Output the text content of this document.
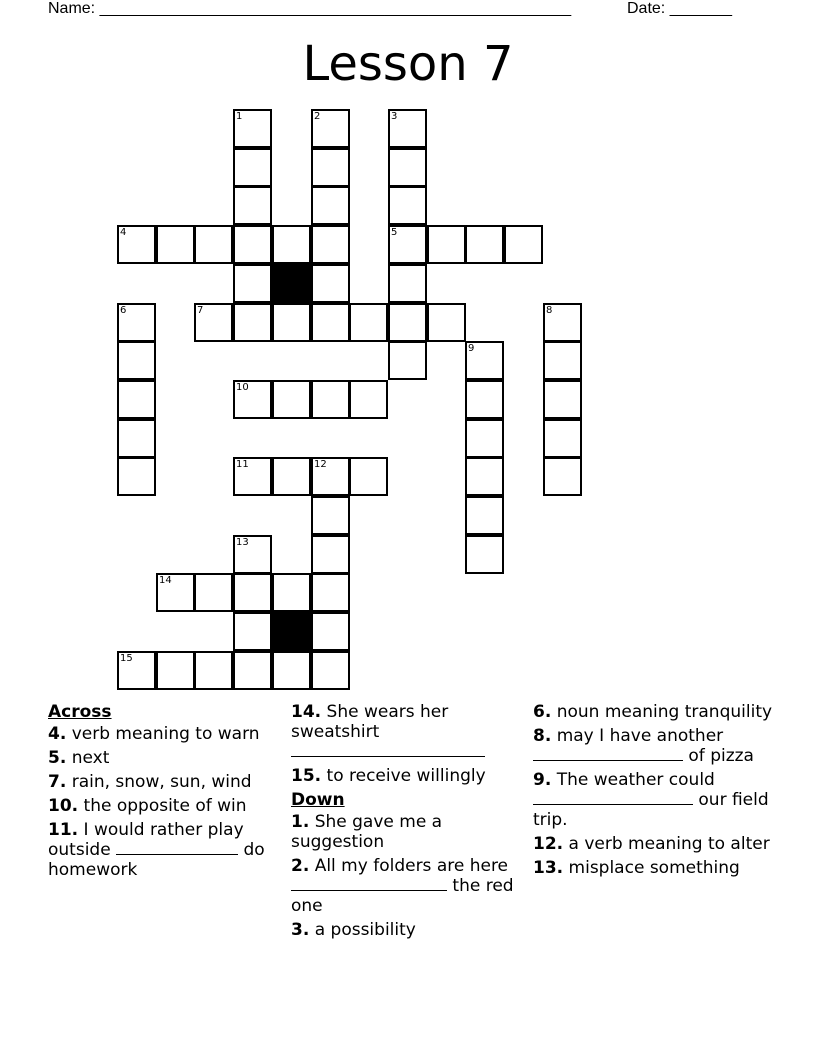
Name: _____________________________________________________	Date: _______
Lesson 7
1	2	3
4	5
6	7	8
9
10
11	12
13
14
15
Across
4. verb meaning to warn
5. next
7. rain, snow, sun, wind
10. the opposite of win
11. I would rather play outside	do homework
14. She wears her sweatshirt

15. to receive willingly
Down
1. She gave me a suggestion
2. All my folders are here  the red one
3. a possibility
6. noun meaning tranquility
8. may I have another  of pizza
9. The weather could our field trip.
12. a verb meaning to alter
13. misplace something
